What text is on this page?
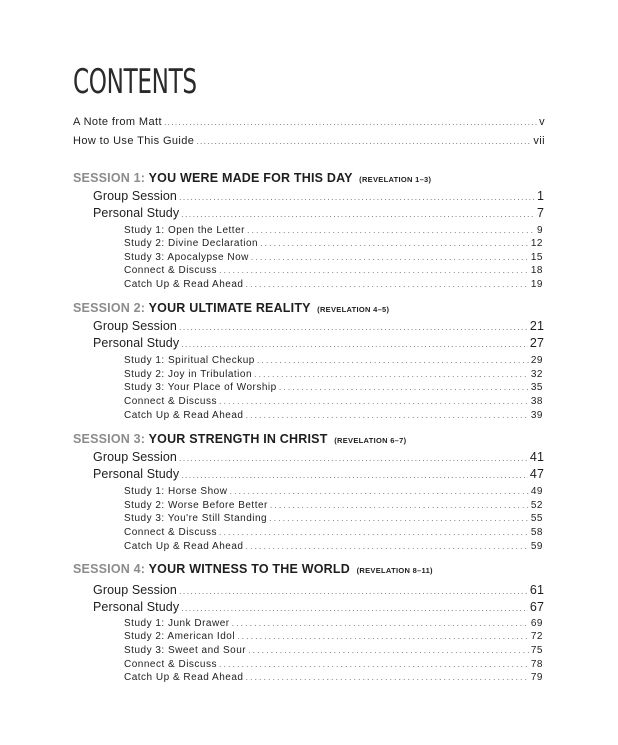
CONTENTS
A Note from Matt .....	v
How to Use This Guide .....	vii
SESSION 1: YOU WERE MADE FOR THIS DAY (REVELATION 1–3)
Group Session .....	1
Personal Study .....	7
Study 1: Open the Letter .....	9
Study 2: Divine Declaration .....	12
Study 3: Apocalypse Now .....	15
Connect & Discuss .....	18
Catch Up & Read Ahead .....	19
SESSION 2: YOUR ULTIMATE REALITY (REVELATION 4–5)
Group Session .....	21
Personal Study .....	27
Study 1: Spiritual Checkup .....	29
Study 2: Joy in Tribulation .....	32
Study 3: Your Place of Worship .....	35
Connect & Discuss .....	38
Catch Up & Read Ahead .....	39
SESSION 3: YOUR STRENGTH IN CHRIST (REVELATION 6–7)
Group Session .....	41
Personal Study .....	47
Study 1: Horse Show .....	49
Study 2: Worse Before Better .....	52
Study 3: You're Still Standing .....	55
Connect & Discuss .....	58
Catch Up & Read Ahead .....	59
SESSION 4: YOUR WITNESS TO THE WORLD (REVELATION 8–11)
Group Session .....	61
Personal Study .....	67
Study 1: Junk Drawer .....	69
Study 2: American Idol .....	72
Study 3: Sweet and Sour .....	75
Connect & Discuss .....	78
Catch Up & Read Ahead .....	79
